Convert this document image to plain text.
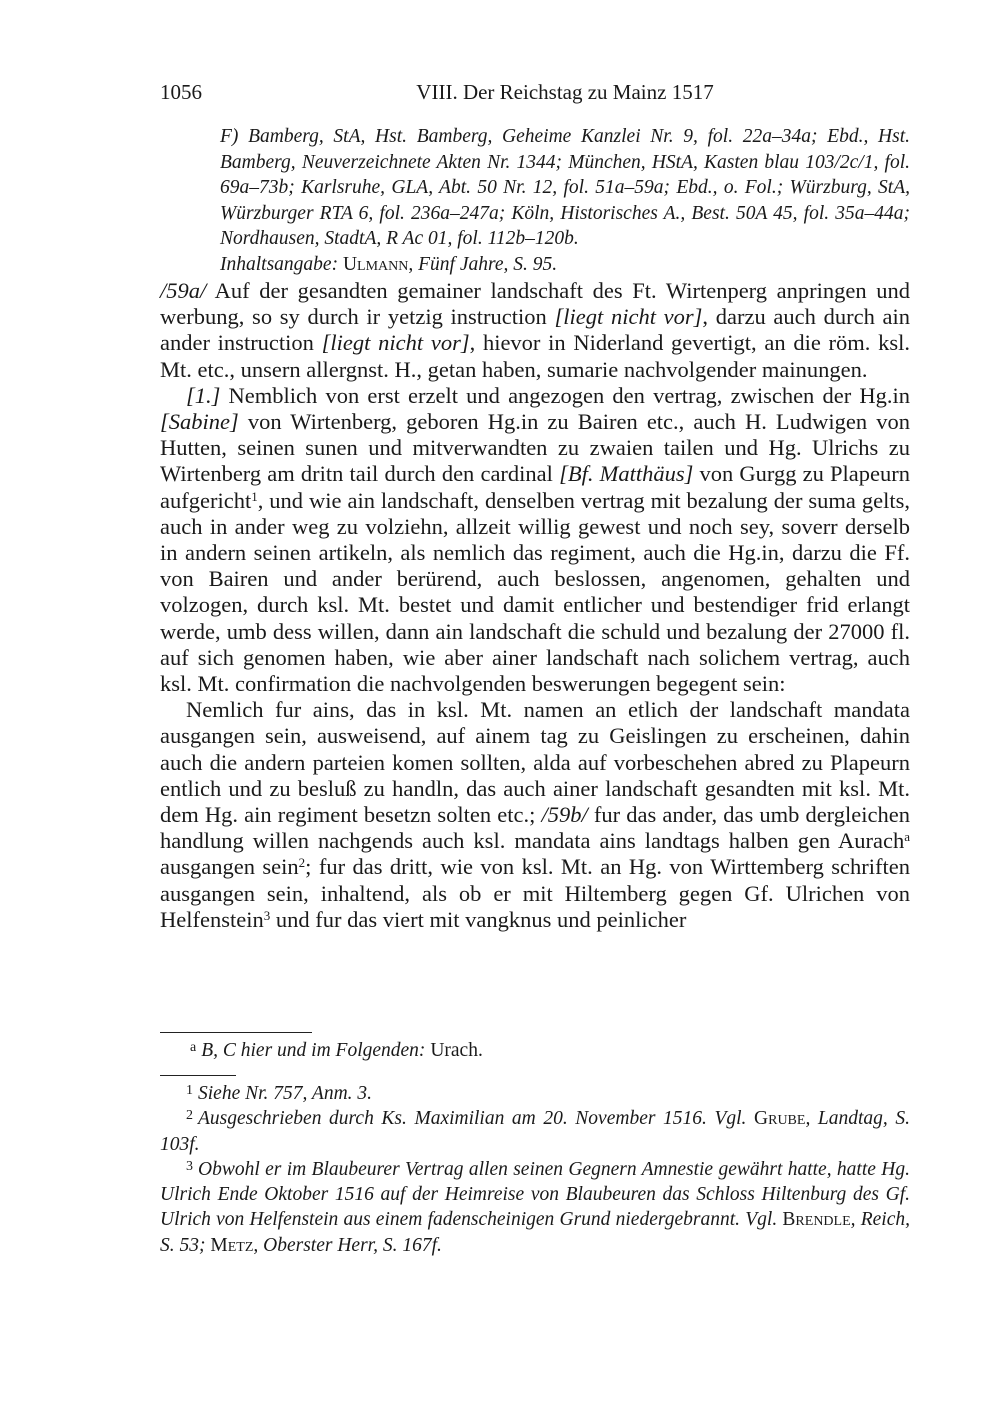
1056	VIII. Der Reichstag zu Mainz 1517

F) Bamberg, StA, Hst. Bamberg, Geheime Kanzlei Nr. 9, fol. 22a–34a; Ebd., Hst. Bamberg, Neuverzeichnete Akten Nr. 1344; München, HStA, Kasten blau 103/2c/1, fol. 69a–73b; Karlsruhe, GLA, Abt. 50 Nr. 12, fol. 51a–59a; Ebd., o. Fol.; Würzburg, StA, Würzburger RTA 6, fol. 236a–247a; Köln, Historisches A., Best. 50A 45, fol. 35a–44a; Nordhausen, StadtA, R Ac 01, fol. 112b–120b.

Inhaltsangabe: Ulmann, Fünf Jahre, S. 95.

/59a/ Auf der gesandten gemainer landschaft des Ft. Wirtenperg anpringen und werbung, so sy durch ir yetzig instruction [liegt nicht vor], darzu auch durch ain ander instruction [liegt nicht vor], hievor in Niderland gevertigt, an die röm. ksl. Mt. etc., unsern allergnst. H., getan haben, sumarie nachvolgender mainungen.

[1.] Nemblich von erst erzelt und angezogen den vertrag, zwischen der Hg.in [Sabine] von Wirtenberg, geboren Hg.in zu Bairen etc., auch H. Ludwigen von Hutten, seinen sunen und mitverwandten zu zwaien tailen und Hg. Ulrichs zu Wirtenberg am dritn tail durch den cardinal [Bf. Matthäus] von Gurgg zu Plapeurn aufgericht$^1$, und wie ain landschaft, denselben vertrag mit bezalung der suma gelts, auch in ander weg zu volziehn, allzeit willig gewest und noch sey, soverr derselb in andern seinen artikeln, als nemlich das regiment, auch die Hg.in, darzu die Ff. von Bairen und ander berürend, auch beslossen, angenomen, gehalten und volzogen, durch ksl. Mt. bestet und damit entlicher und bestendiger frid erlangt werde, umb dess willen, dann ain landschaft die schuld und bezalung der 27000 fl. auf sich genomen haben, wie aber ainer landschaft nach solichem vertrag, auch ksl. Mt. confirmation die nachvolgenden beswerungen begegent sein:

Nemlich fur ains, das in ksl. Mt. namen an etlich der landschaft mandata ausgangen sein, ausweisend, auf ainem tag zu Geislingen zu erscheinen, dahin auch die andern parteien komen sollten, alda auf vorbeschehen abred zu Plapeurn entlich und zu besluß zu handln, das auch ainer landschaft gesandten mit ksl. Mt. dem Hg. ain regiment besetzn solten etc.; /59b/ fur das ander, das umb dergleichen handlung willen nachgends auch ksl. mandata ains landtags halben gen Aurach$^a$ ausgangen sein$^2$; fur das dritt, wie von ksl. Mt. an Hg. von Wirttemberg schriften ausgangen sein, inhaltend, als ob er mit Hiltemberg gegen Gf. Ulrichen von Helfenstein$^3$ und fur das viert mit vangknus und peinlicher

$^a$ B, C hier und im Folgenden: Urach.

$^1$ Siehe Nr. 757, Anm. 3.

$^2$ Ausgeschrieben durch Ks. Maximilian am 20. November 1516. Vgl. Grube, Landtag, S. 103f.

$^3$ Obwohl er im Blaubeurer Vertrag allen seinen Gegnern Amnestie gewährt hatte, hatte Hg. Ulrich Ende Oktober 1516 auf der Heimreise von Blaubeuren das Schloss Hiltenburg des Gf. Ulrich von Helfenstein aus einem fadenscheinigen Grund niedergebrannt. Vgl. Brendle, Reich, S. 53; Metz, Oberster Herr, S. 167f.
